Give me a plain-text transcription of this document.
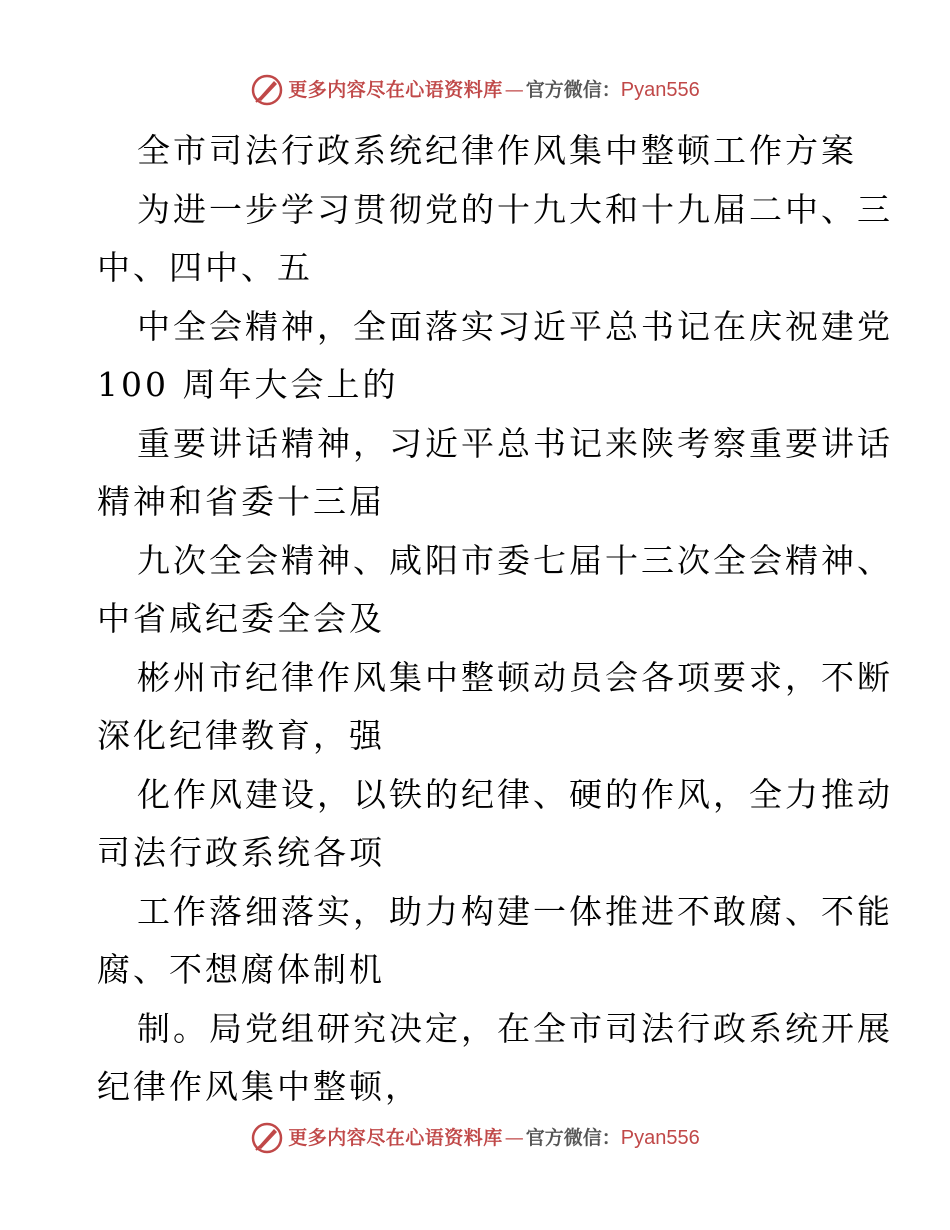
更多内容尽在心语资料库 — 官方微信： Pyan556
全市司法行政系统纪律作风集中整顿工作方案
为进一步学习贯彻党的十九大和十九届二中、三
中、四中、五
中全会精神，全面落实习近平总书记在庆祝建党
100 周年大会上的
重要讲话精神，习近平总书记来陕考察重要讲话
精神和省委十三届
九次全会精神、咸阳市委七届十三次全会精神、
中省咸纪委全会及
彬州市纪律作风集中整顿动员会各项要求，不断
深化纪律教育，强
化作风建设，以铁的纪律、硬的作风，全力推动
司法行政系统各项
工作落细落实，助力构建一体推进不敢腐、不能
腐、不想腐体制机
制。局党组研究决定，在全市司法行政系统开展
纪律作风集中整顿，
更多内容尽在心语资料库 — 官方微信： Pyan556
